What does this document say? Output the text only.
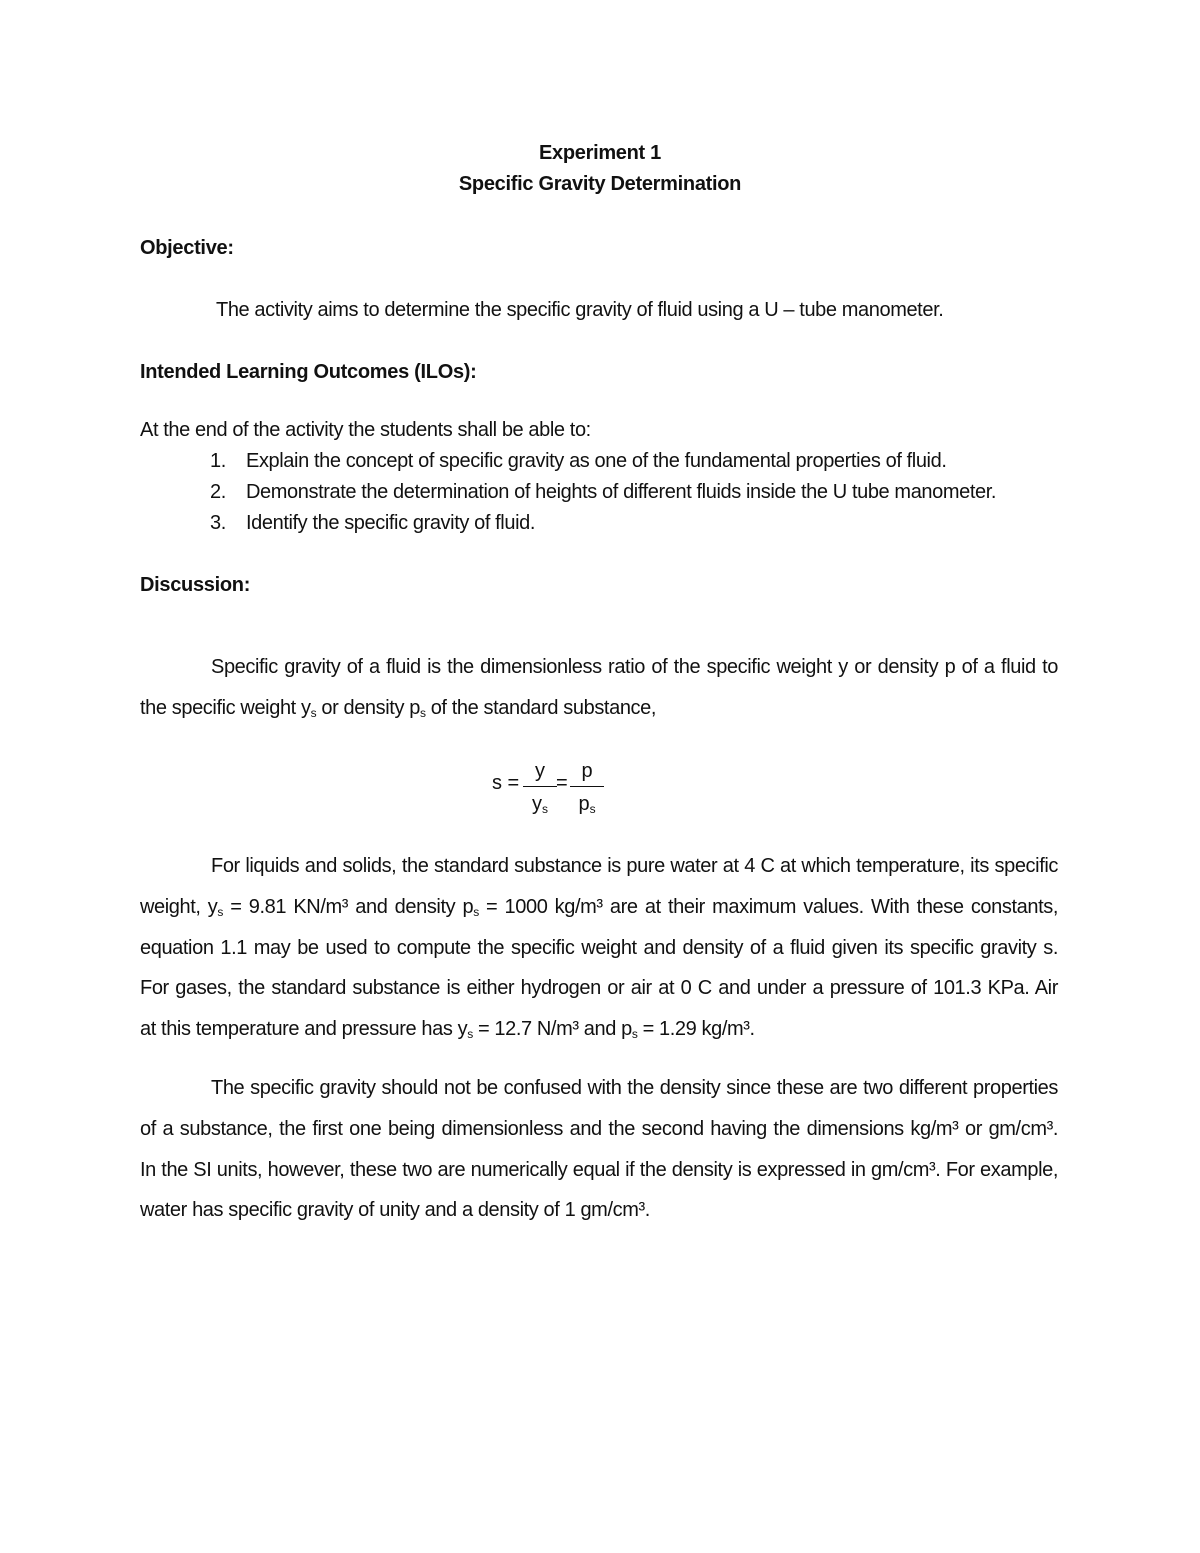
Experiment 1
Specific Gravity Determination
Objective:
The activity aims to determine the specific gravity of fluid using a U – tube manometer.
Intended Learning Outcomes (ILOs):
At the end of the activity the students shall be able to:
1. Explain the concept of specific gravity as one of the fundamental properties of fluid.
2. Demonstrate the determination of heights of different fluids inside the U tube manometer.
3. Identify the specific gravity of fluid.
Discussion:
Specific gravity of a fluid is the dimensionless ratio of the specific weight y or density p of a fluid to
the specific weight $y_s$ or density $p_s$ of the standard substance,
s =
y
$y_s$
=
p
$p_s$
For liquids and solids, the standard substance is pure water at 4 C at which temperature, its specific
weight, $y_s = 9.81$ KN/m³ and density $p_s = 1000$ kg/m³ are at their maximum values. With these constants,
equation 1.1 may be used to compute the specific weight and density of a fluid given its specific gravity s.
For gases, the standard substance is either hydrogen or air at 0 C and under a pressure of 101.3 KPa. Air
at this temperature and pressure has $y_s = 12.7$ N/m³ and $p_s = 1.29$ kg/m³.
The specific gravity should not be confused with the density since these are two different properties
of a substance, the first one being dimensionless and the second having the dimensions kg/m³ or gm/cm³.
In the SI units, however, these two are numerically equal if the density is expressed in gm/cm³. For example,
water has specific gravity of unity and a density of 1 gm/cm³.
